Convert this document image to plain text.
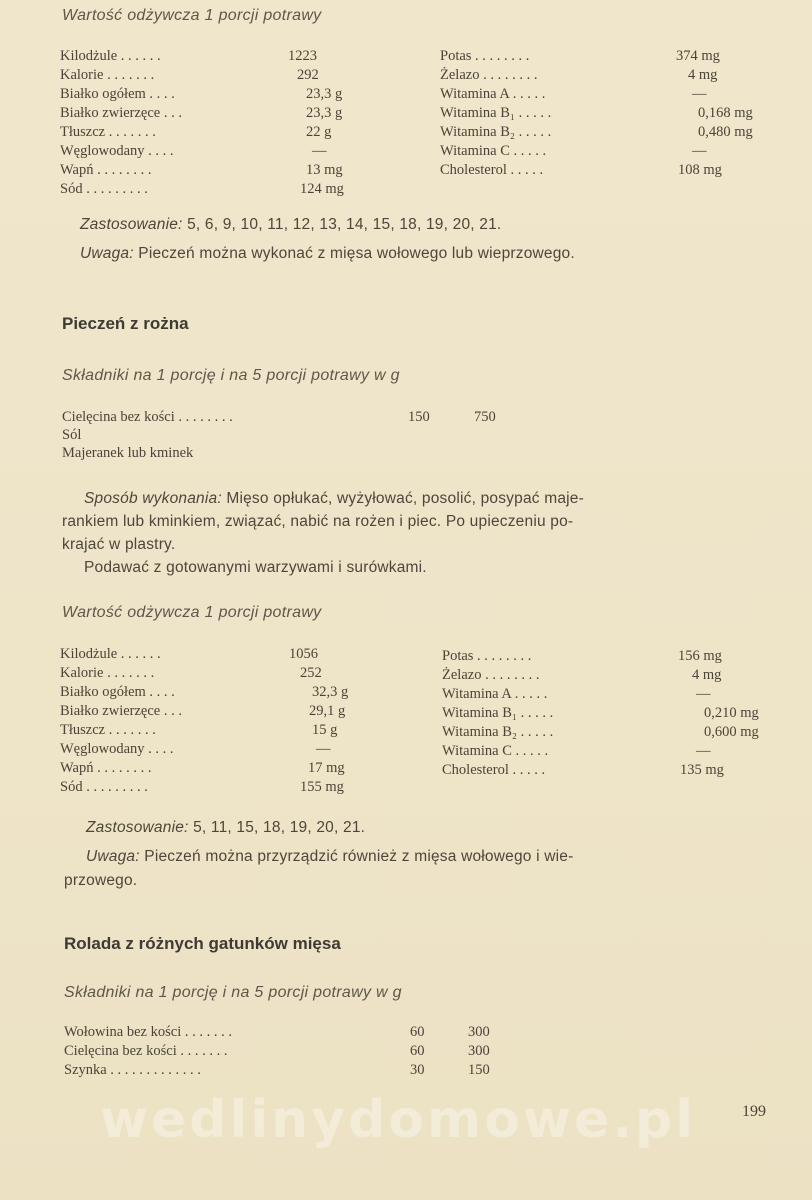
Wartość odżywcza 1 porcji potrawy
Kilodżule . . . . . .	1223
Kalorie . . . . . . .	292
Białko ogółem . . . .	23,3 g
Białko zwierzęce . . .	23,3 g
Tłuszcz . . . . . . .	22 g
Węglowodany . . . .	—
Wapń . . . . . . . .	13 mg
Sód . . . . . . . . .	124 mg
Potas . . . . . . . .	374 mg
Żelazo . . . . . . . .	4 mg
Witamina A . . . . .	—
Witamina B₁ . . . . .	0,168 mg
Witamina B₂ . . . . .	0,480 mg
Witamina C . . . . .	—
Cholesterol . . . . .	108 mg
Zastosowanie: 5, 6, 9, 10, 11, 12, 13, 14, 15, 18, 19, 20, 21.
Uwaga: Pieczeń można wykonać z mięsa wołowego lub wieprzowego.
Pieczeń z rożna
Składniki na 1 porcję i na 5 porcji potrawy w g
Cielęcina bez kości . . . . . . . .	150	750
Sól
Majeranek lub kminek
Sposób wykonania: Mięso opłukać, wyżyłować, posolić, posypać maje-
rankiem lub kminkiem, związać, nabić na rożen i piec. Po upieczeniu po-
krajać w plastry.
Podawać z gotowanymi warzywami i surówkami.
Wartość odżywcza 1 porcji potrawy
Kilodżule . . . . . .	1056
Kalorie . . . . . . .	252
Białko ogółem . . . .	32,3 g
Białko zwierzęce . . .	29,1 g
Tłuszcz . . . . . . .	15 g
Węglowodany . . . .	—
Wapń . . . . . . . .	17 mg
Sód . . . . . . . . .	155 mg
Potas . . . . . . . .	156 mg
Żelazo . . . . . . . .	4 mg
Witamina A . . . . .	—
Witamina B₁ . . . . .	0,210 mg
Witamina B₂ . . . . .	0,600 mg
Witamina C . . . . .	—
Cholesterol . . . . .	135 mg
Zastosowanie: 5, 11, 15, 18, 19, 20, 21.
Uwaga: Pieczeń można przyrządzić również z mięsa wołowego i wie-
przowego.
Rolada z różnych gatunków mięsa
Składniki na 1 porcję i na 5 porcji potrawy w g
Wołowina bez kości . . . . . . .	60	300
Cielęcina bez kości . . . . . . .	60	300
Szynka . . . . . . . . . . . . .	30	150
wedlinydomowe.pl	199
